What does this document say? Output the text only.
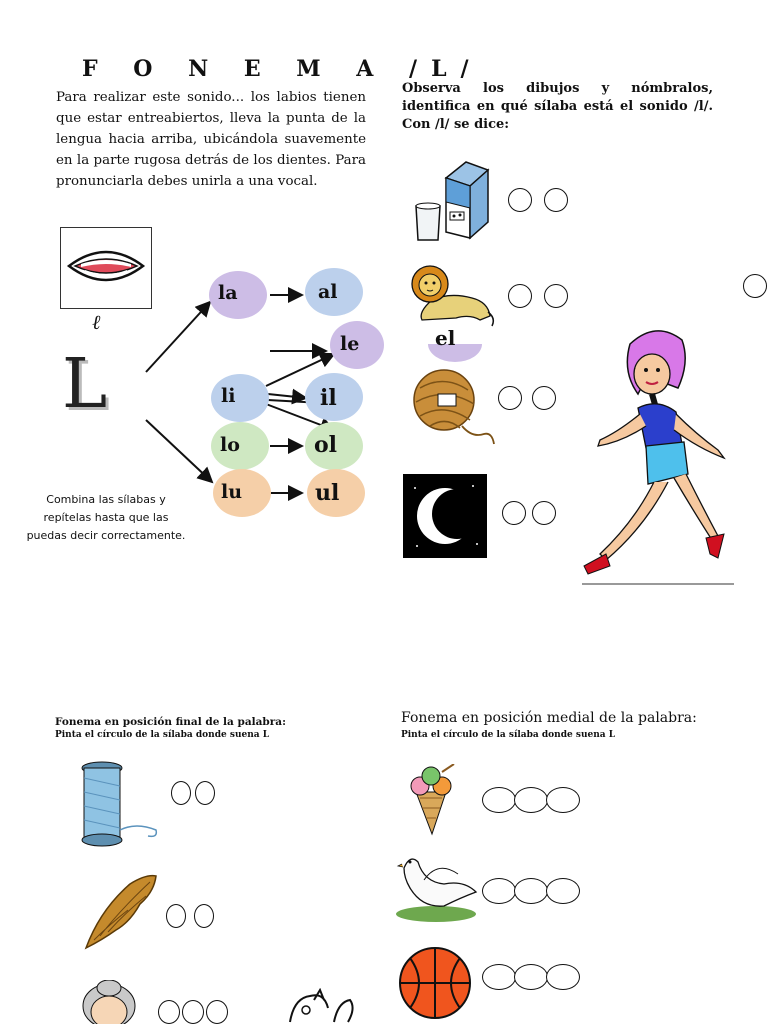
F O N E M A /L/
Para realizar este sonido... los labios tienen que estar entreabiertos, lleva la punta de la lengua hacia arriba, ubicándola suavemente en la parte rugosa detrás de los dientes. Para pronunciarla debes unirla a una vocal.
Observa los dibujos y nómbralos, identifica en qué sílaba está el sonido /l/. Con /l/ se dice:
ℓ
L
la	al
le	el
li	il
lo	ol
lu	ul
Combina las sílabas y repítelas hasta que las puedas decir correctamente.
Fonema en posición final de la palabra:
Pinta el círculo de la sílaba donde suena L
Fonema en posición medial de la palabra:
Pinta el círculo de la sílaba donde suena L
